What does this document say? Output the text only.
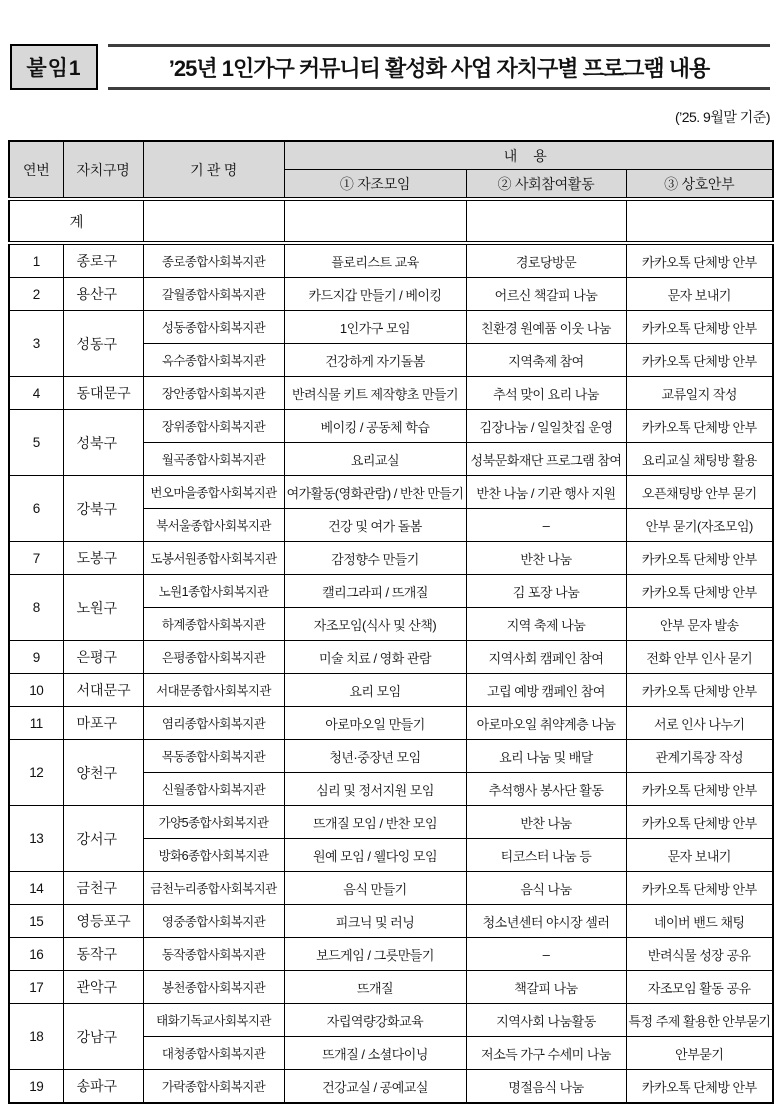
붙임1	’25년 1인가구 커뮤니티 활성화 사업 자치구별 프로그램 내용
(’25. 9월말 기준)
연번	자치구명	기 관 명	내 용		
			① 자조모임	② 사회참여활동	③ 상호안부
계					
1	종로구	종로종합사회복지관	플로리스트 교육	경로당방문	카카오톡 단체방 안부
2	용산구	갈월종합사회복지관	카드지갑 만들기 / 베이킹	어르신 책갈피 나눔	문자 보내기
3	성동구	성동종합사회복지관	1인가구 모임	친환경 원예품 이웃 나눔	카카오톡 단체방 안부
		옥수종합사회복지관	건강하게 자기돌봄	지역축제 참여	카카오톡 단체방 안부
4	동대문구	장안종합사회복지관	반려식물 키트 제작향초 만들기	추석 맞이 요리 나눔	교류일지 작성
5	성북구	장위종합사회복지관	베이킹 / 공동체 학습	김장나눔 / 일일찻집 운영	카카오톡 단체방 안부
		월곡종합사회복지관	요리교실	성북문화재단 프로그램 참여	요리교실 채팅방 활용
6	강북구	번오마을종합사회복지관	여가활동(영화관람) / 반찬 만들기	반찬 나눔 / 기관 행사 지원	오픈채팅방 안부 묻기
		북서울종합사회복지관	건강 및 여가 돌봄	–	안부 묻기(자조모임)
7	도봉구	도봉서원종합사회복지관	감정향수 만들기	반찬 나눔	카카오톡 단체방 안부
8	노원구	노원1종합사회복지관	캘리그라피 / 뜨개질	김 포장 나눔	카카오톡 단체방 안부
		하계종합사회복지관	자조모임(식사 및 산책)	지역 축제 나눔	안부 문자 발송
9	은평구	은평종합사회복지관	미술 치료 / 영화 관람	지역사회 캠페인 참여	전화 안부 인사 묻기
10	서대문구	서대문종합사회복지관	요리 모임	고립 예방 캠페인 참여	카카오톡 단체방 안부
11	마포구	염리종합사회복지관	아로마오일 만들기	아로마오일 취약계층 나눔	서로 인사 나누기
12	양천구	목동종합사회복지관	청년·중장년 모임	요리 나눔 및 배달	관계기록장 작성
		신월종합사회복지관	심리 및 정서지원 모임	추석행사 봉사단 활동	카카오톡 단체방 안부
13	강서구	가양5종합사회복지관	뜨개질 모임 / 반찬 모임	반찬 나눔	카카오톡 단체방 안부
		방화6종합사회복지관	원예 모임 / 웰다잉 모임	티코스터 나눔 등	문자 보내기
14	금천구	금천누리종합사회복지관	음식 만들기	음식 나눔	카카오톡 단체방 안부
15	영등포구	영중종합사회복지관	피크닉 및 러닝	청소년센터 야시장 셀러	네이버 밴드 채팅
16	동작구	동작종합사회복지관	보드게임 / 그릇만들기	–	반려식물 성장 공유
17	관악구	봉천종합사회복지관	뜨개질	책갈피 나눔	자조모임 활동 공유
18	강남구	태화기독교사회복지관	자립역량강화교육	지역사회 나눔활동	특정 주제 활용한 안부묻기
		대청종합사회복지관	뜨개질 / 소셜다이닝	저소득 가구 수세미 나눔	안부묻기
19	송파구	가락종합사회복지관	건강교실 / 공예교실	명절음식 나눔	카카오톡 단체방 안부
